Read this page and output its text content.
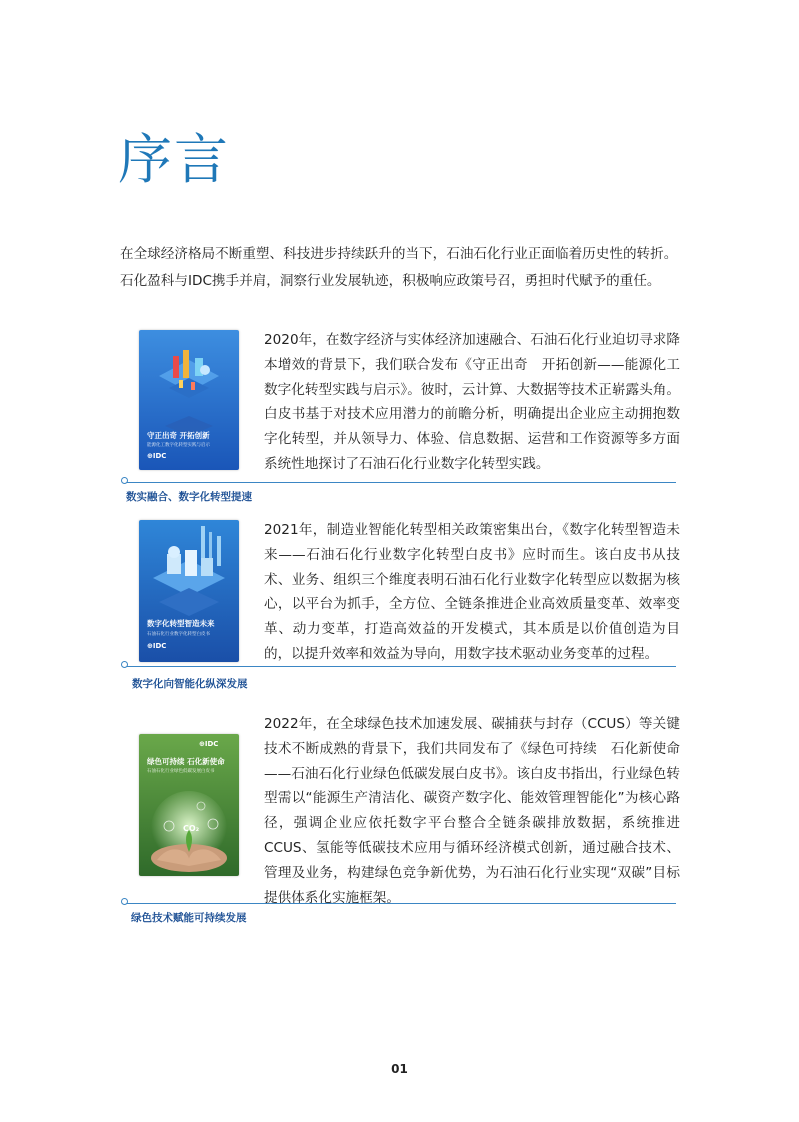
序言

在全球经济格局不断重塑、科技进步持续跃升的当下，石油石化行业正面临着历史性的转折。

石化盈科与IDC携手并肩，洞察行业发展轨迹，积极响应政策号召，勇担时代赋予的重任。

守正出奇 开拓创新
能源化工数字化转型实践与启示
⊕IDC
2020年，在数字经济与实体经济加速融合、石油石化行业迫切寻求降本增效的背景下，我们联合发布《守正出奇　开拓创新——能源化工数字化转型实践与启示》。彼时，云计算、大数据等技术正崭露头角。白皮书基于对技术应用潜力的前瞻分析，明确提出企业应主动拥抱数字化转型，并从领导力、体验、信息数据、运营和工作资源等多方面系统性地探讨了石油石化行业数字化转型实践。
数实融合、数字化转型提速
数字化转型智造未来
石油石化行业数字化转型白皮书
⊕IDC
2021年，制造业智能化转型相关政策密集出台，《数字化转型智造未来——石油石化行业数字化转型白皮书》应时而生。该白皮书从技术、业务、组织三个维度表明石油石化行业数字化转型应以数据为核心，以平台为抓手，全方位、全链条推进企业高效质量变革、效率变革、动力变革，打造高效益的开发模式，其本质是以价值创造为目的，以提升效率和效益为导向，用数字技术驱动业务变革的过程。
数字化向智能化纵深发展
⊕IDC
绿色可持续 石化新使命
石油石化行业绿色低碳发展白皮书
CO₂
2022年，在全球绿色技术加速发展、碳捕获与封存（CCUS）等关键技术不断成熟的背景下，我们共同发布了《绿色可持续　石化新使命——石油石化行业绿色低碳发展白皮书》。该白皮书指出，行业绿色转型需以“能源生产清洁化、碳资产数字化、能效管理智能化”为核心路径，强调企业应依托数字平台整合全链条碳排放数据，系统推进CCUS、氢能等低碳技术应用与循环经济模式创新，通过融合技术、管理及业务，构建绿色竞争新优势，为石油石化行业实现“双碳”目标提供体系化实施框架。
绿色技术赋能可持续发展
01
